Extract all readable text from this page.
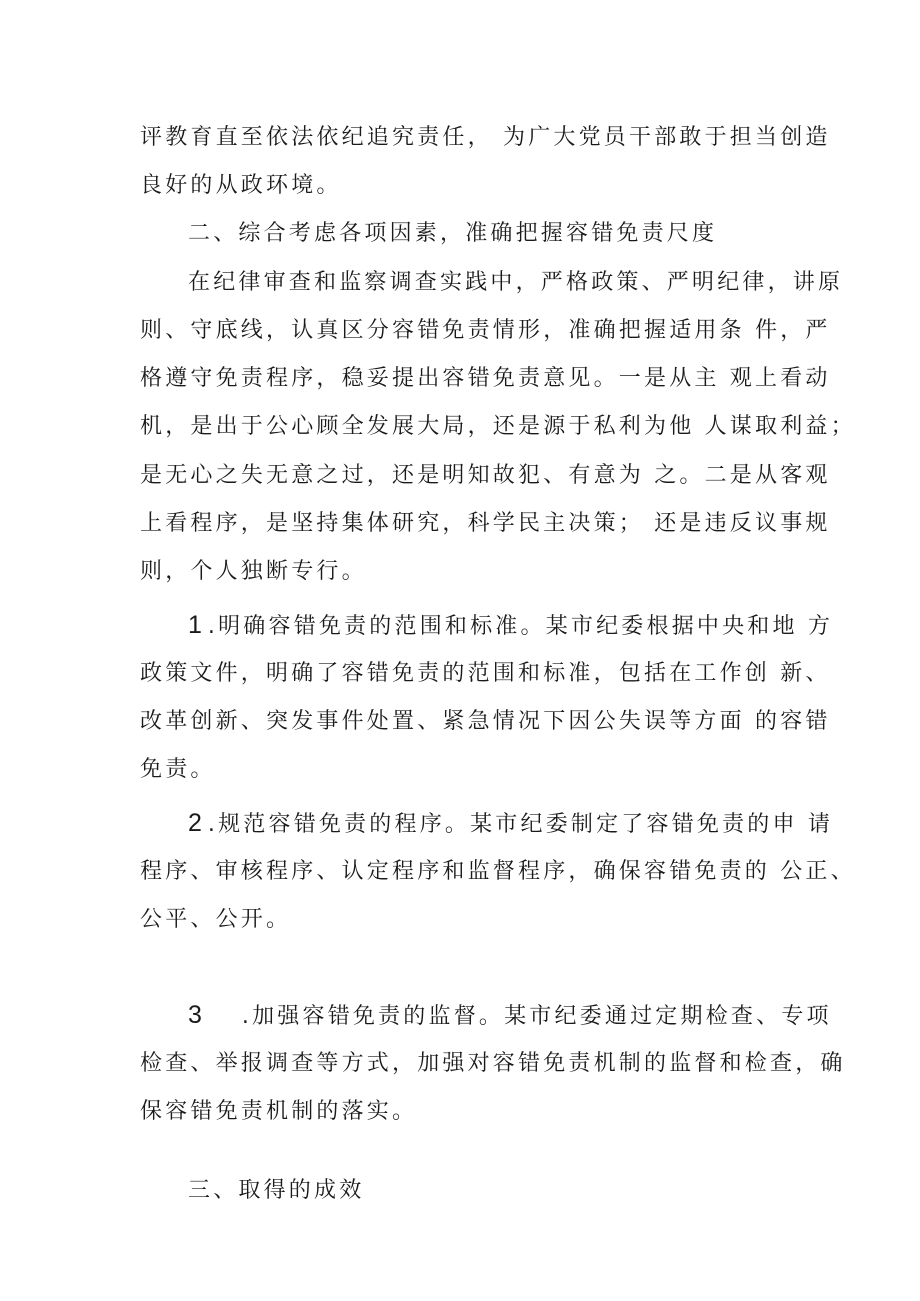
评教育直至依法依纪追究责任， 为广大党员干部敢于担当创造
良好的从政环境。
二、综合考虑各项因素，准确把握容错免责尺度
在纪律审查和监察调查实践中，严格政策、严明纪律，讲原
则、守底线，认真区分容错免责情形，准确把握适用条 件，严
格遵守免责程序，稳妥提出容错免责意见。一是从主 观上看动
机，是出于公心顾全发展大局，还是源于私利为他 人谋取利益；
是无心之失无意之过，还是明知故犯、有意为 之。二是从客观
上看程序，是坚持集体研究，科学民主决策； 还是违反议事规
则，个人独断专行。
1 .明确容错免责的范围和标准。某市纪委根据中央和地 方
政策文件，明确了容错免责的范围和标准，包括在工作创 新、
改革创新、突发事件处置、紧急情况下因公失误等方面 的容错
免责。
2 .规范容错免责的程序。某市纪委制定了容错免责的申 请
程序、审核程序、认定程序和监督程序，确保容错免责的 公正、
公平、公开。
3 .加强容错免责的监督。某市纪委通过定期检查、专项
检查、举报调查等方式，加强对容错免责机制的监督和检查，确
保容错免责机制的落实。
三、取得的成效
